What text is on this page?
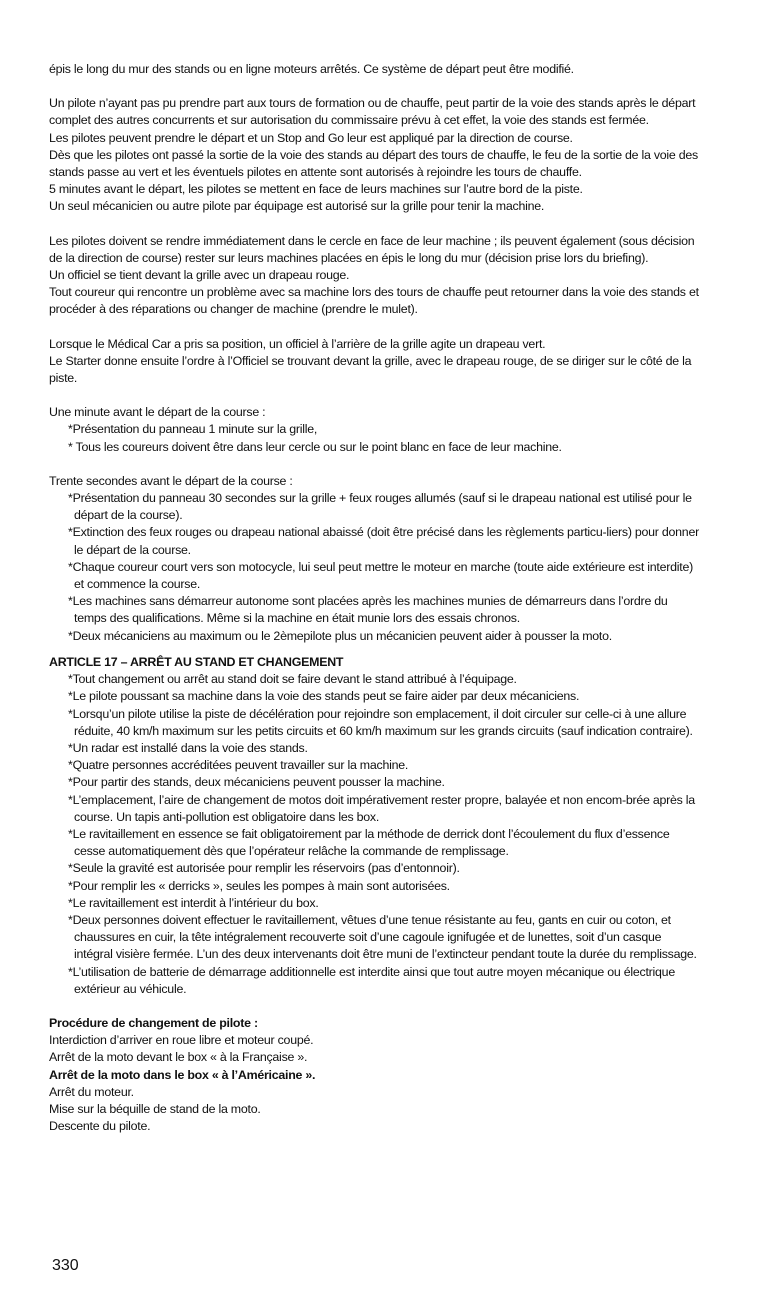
épis le long du mur des stands ou en ligne moteurs arrêtés. Ce système de départ peut être modifié.

Un pilote n’ayant pas pu prendre part aux tours de formation ou de chauffe, peut partir de la voie des stands après le départ complet des autres concurrents et sur autorisation du commissaire prévu à cet effet, la voie des stands est fermée.

Les pilotes peuvent prendre le départ et un Stop and Go leur est appliqué par la direction de course.

Dès que les pilotes ont passé la sortie de la voie des stands au départ des tours de chauffe, le feu de la sortie de la voie des stands passe au vert et les éventuels pilotes en attente sont autorisés à rejoindre les tours de chauffe.

5 minutes avant le départ, les pilotes se mettent en face de leurs machines sur l’autre bord de la piste.

Un seul mécanicien ou autre pilote par équipage est autorisé sur la grille pour tenir la machine.

Les pilotes doivent se rendre immédiatement dans le cercle en face de leur machine ; ils peuvent également (sous décision de la direction de course) rester sur leurs machines placées en épis le long du mur (décision prise lors du briefing).

Un officiel se tient devant la grille avec un drapeau rouge.

Tout coureur qui rencontre un problème avec sa machine lors des tours de chauffe peut retourner dans la voie des stands et procéder à des réparations ou changer de machine (prendre le mulet).

Lorsque le Médical Car a pris sa position, un officiel à l’arrière de la grille agite un drapeau vert.

Le Starter donne ensuite l’ordre à l’Officiel se trouvant devant la grille, avec le drapeau rouge, de se diriger sur le côté de la piste.

Une minute avant le départ de la course :

*Présentation du panneau 1 minute sur la grille,
* Tous les coureurs doivent être dans leur cercle ou sur le point blanc en face de leur machine.

Trente secondes avant le départ de la course :

*Présentation du panneau 30 secondes sur la grille + feux rouges allumés (sauf si le drapeau national est utilisé pour le départ de la course).
*Extinction des feux rouges ou drapeau national abaissé (doit être précisé dans les règlements particu-liers) pour donner le départ de la course.
*Chaque coureur court vers son motocycle, lui seul peut mettre le moteur en marche (toute aide extérieure est interdite) et commence la course.
*Les machines sans démarreur autonome sont placées après les machines munies de démarreurs dans l’ordre du temps des qualifications. Même si la machine en était munie lors des essais chronos.
*Deux mécaniciens au maximum ou le 2èmepilote plus un mécanicien peuvent aider à pousser la moto.

ARTICLE 17 – ARRÊT AU STAND ET CHANGEMENT

*Tout changement ou arrêt au stand doit se faire devant le stand attribué à l’équipage.
*Le pilote poussant sa machine dans la voie des stands peut se faire aider par deux mécaniciens.
*Lorsqu’un pilote utilise la piste de décélération pour rejoindre son emplacement, il doit circuler sur celle-ci à une allure réduite, 40 km/h maximum sur les petits circuits et 60 km/h maximum sur les grands circuits (sauf indication contraire).
*Un radar est installé dans la voie des stands.
*Quatre personnes accréditées peuvent travailler sur la machine.
*Pour partir des stands, deux mécaniciens peuvent pousser la machine.
*L’emplacement, l’aire de changement de motos doit impérativement rester propre, balayée et non encom-brée après la course. Un tapis anti-pollution est obligatoire dans les box.
*Le ravitaillement en essence se fait obligatoirement par la méthode de derrick dont l’écoulement du flux d’essence cesse automatiquement dès que l’opérateur relâche la commande de remplissage.
*Seule la gravité est autorisée pour remplir les réservoirs (pas d’entonnoir).
*Pour remplir les « derricks », seules les pompes à main sont autorisées.
*Le ravitaillement est interdit à l’intérieur du box.
*Deux personnes doivent effectuer le ravitaillement, vêtues d’une tenue résistante au feu, gants en cuir ou coton, et chaussures en cuir, la tête intégralement recouverte soit d’une cagoule ignifugée et de lunettes, soit d’un casque intégral visière fermée. L’un des deux intervenants doit être muni de l’extincteur pendant toute la durée du remplissage.
*L’utilisation de batterie de démarrage additionnelle est interdite ainsi que tout autre moyen mécanique ou électrique extérieur au véhicule.

Procédure de changement de pilote :

Interdiction d’arriver en roue libre et moteur coupé.

Arrêt de la moto devant le box « à la Française ».

Arrêt de la moto dans le box « à l’Américaine ».

Arrêt du moteur.

Mise sur la béquille de stand de la moto.

Descente du pilote.

330
